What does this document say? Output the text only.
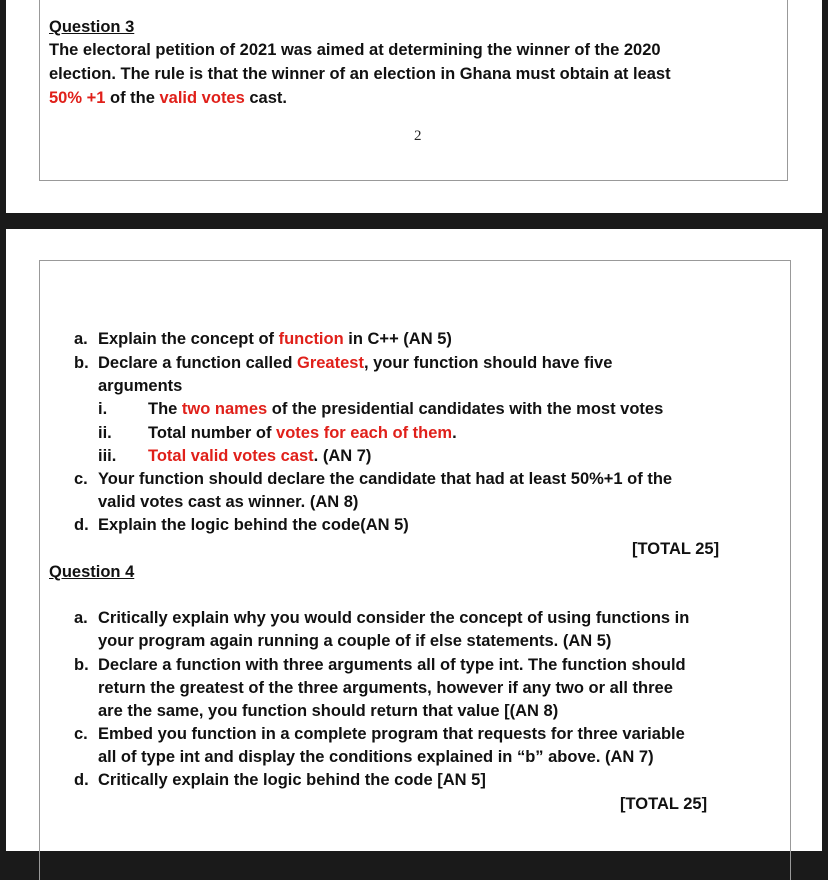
Question 3
The electoral petition of 2021 was aimed at determining the winner of the 2020
election. The rule is that the winner of an election in Ghana must obtain at least
50% +1 of the valid votes cast.
2
a. Explain the concept of function in C++ (AN 5)
b. Declare a function called Greatest, your function should have five
arguments
i. The two names of the presidential candidates with the most votes
ii. Total number of votes for each of them.
iii. Total valid votes cast. (AN 7)
c. Your function should declare the candidate that had at least 50%+1 of the
valid votes cast as winner. (AN 8)
d. Explain the logic behind the code(AN 5)
[TOTAL 25]
Question 4
a. Critically explain why you would consider the concept of using functions in
your program again running a couple of if else statements. (AN 5)
b. Declare a function with three arguments all of type int. The function should
return the greatest of the three arguments, however if any two or all three
are the same, you function should return that value [(AN 8)
c. Embed you function in a complete program that requests for three variable
all of type int and display the conditions explained in “b” above. (AN 7)
d. Critically explain the logic behind the code [AN 5]
[TOTAL 25]
